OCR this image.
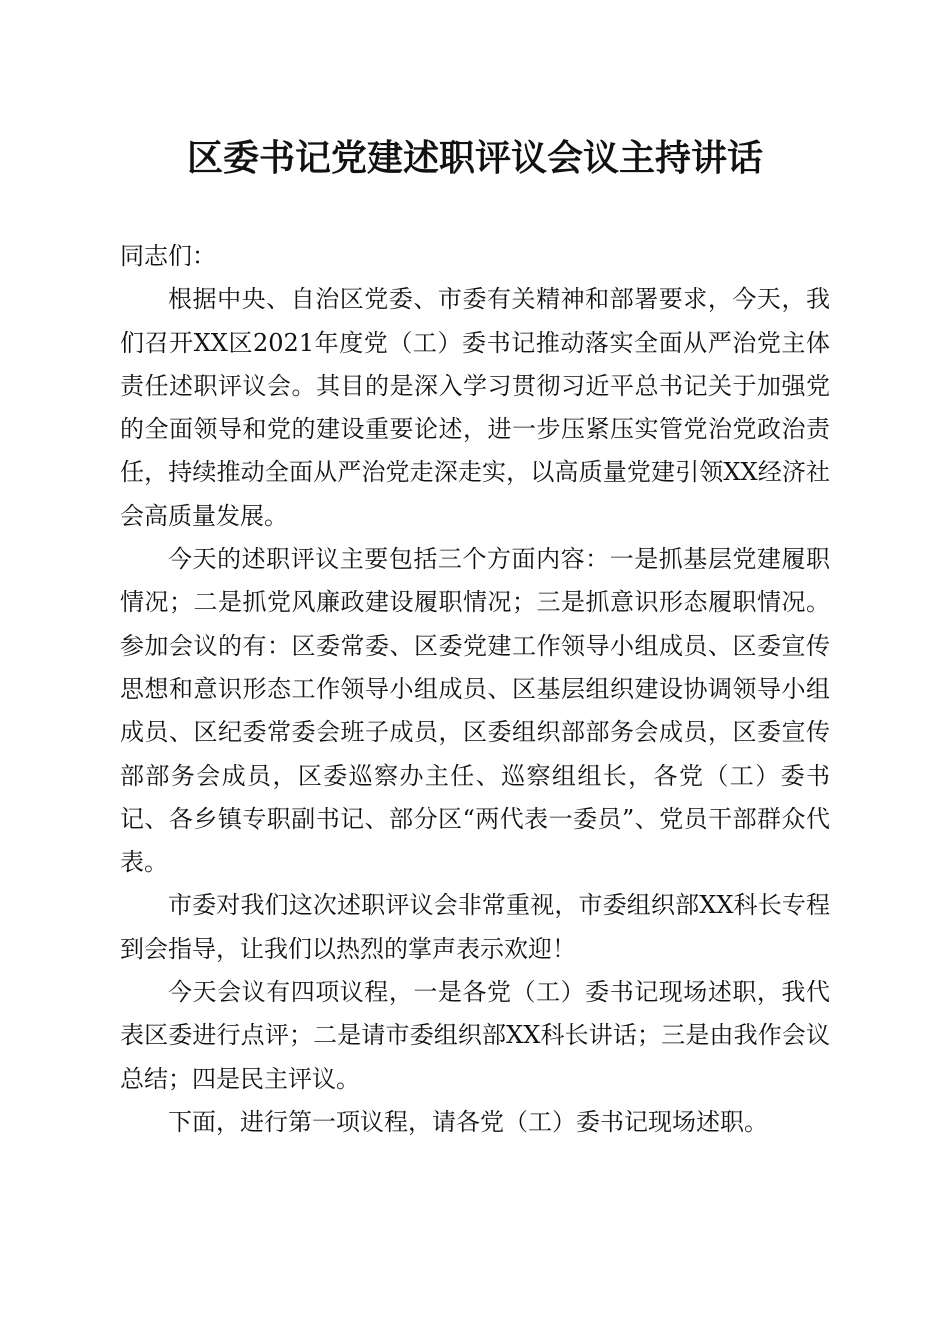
区委书记党建述职评议会议主持讲话

同志们：

根据中央、自治区党委、市委有关精神和部署要求，今天，我们召开XX区2021年度党（工）委书记推动落实全面从严治党主体责任述职评议会。其目的是深入学习贯彻习近平总书记关于加强党的全面领导和党的建设重要论述，进一步压紧压实管党治党政治责任，持续推动全面从严治党走深走实，以高质量党建引领XX经济社会高质量发展。

今天的述职评议主要包括三个方面内容：一是抓基层党建履职情况；二是抓党风廉政建设履职情况；三是抓意识形态履职情况。参加会议的有：区委常委、区委党建工作领导小组成员、区委宣传思想和意识形态工作领导小组成员、区基层组织建设协调领导小组成员、区纪委常委会班子成员，区委组织部部务会成员，区委宣传部部务会成员，区委巡察办主任、巡察组组长，各党（工）委书记、各乡镇专职副书记、部分区“两代表一委员”、党员干部群众代表。

市委对我们这次述职评议会非常重视，市委组织部XX科长专程到会指导，让我们以热烈的掌声表示欢迎！

今天会议有四项议程，一是各党（工）委书记现场述职，我代表区委进行点评；二是请市委组织部XX科长讲话；三是由我作会议总结；四是民主评议。

下面，进行第一项议程，请各党（工）委书记现场述职。
